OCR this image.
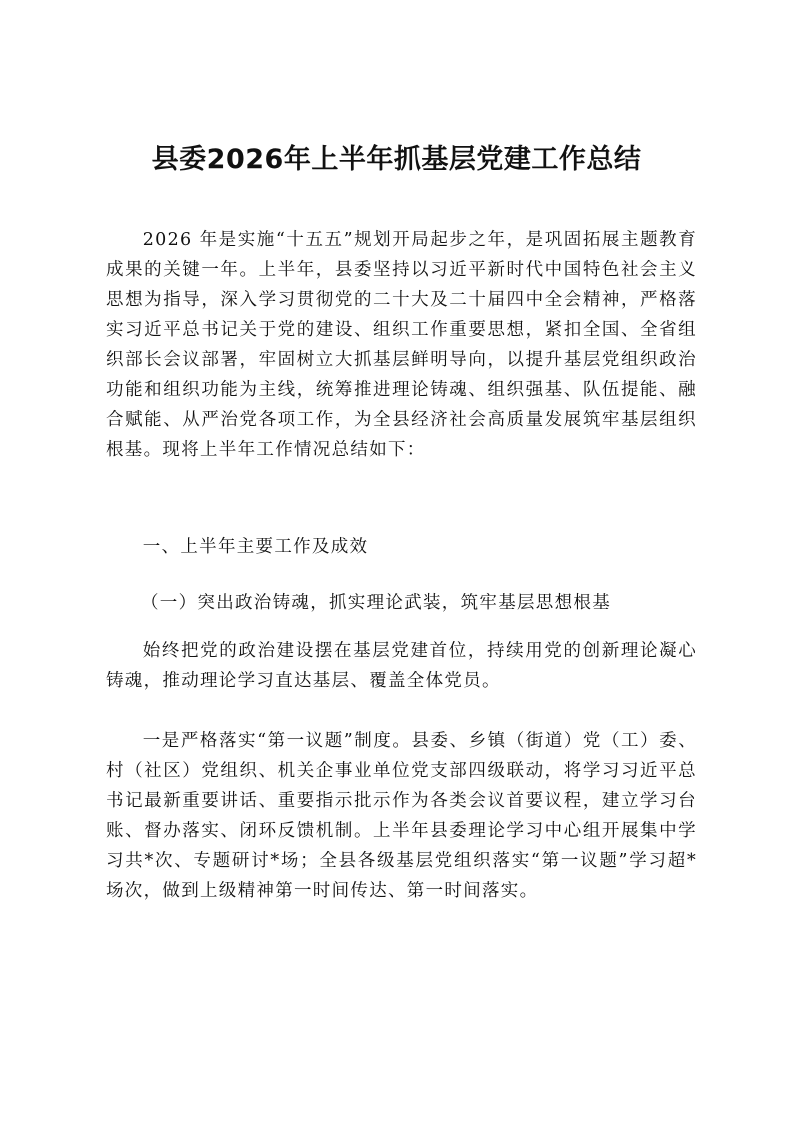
县委2026年上半年抓基层党建工作总结

2026 年是实施“十五五”规划开局起步之年，是巩固拓展主题教育成果的关键一年。上半年，县委坚持以习近平新时代中国特色社会主义思想为指导，深入学习贯彻党的二十大及二十届四中全会精神，严格落实习近平总书记关于党的建设、组织工作重要思想，紧扣全国、全省组织部长会议部署，牢固树立大抓基层鲜明导向，以提升基层党组织政治功能和组织功能为主线，统筹推进理论铸魂、组织强基、队伍提能、融合赋能、从严治党各项工作，为全县经济社会高质量发展筑牢基层组织根基。现将上半年工作情况总结如下：

一、上半年主要工作及成效

（一）突出政治铸魂，抓实理论武装，筑牢基层思想根基

始终把党的政治建设摆在基层党建首位，持续用党的创新理论凝心铸魂，推动理论学习直达基层、覆盖全体党员。

一是严格落实“第一议题”制度。县委、乡镇（街道）党（工）委、村（社区）党组织、机关企事业单位党支部四级联动，将学习习近平总书记最新重要讲话、重要指示批示作为各类会议首要议程，建立学习台账、督办落实、闭环反馈机制。上半年县委理论学习中心组开展集中学习共*次、专题研讨*场；全县各级基层党组织落实“第一议题”学习超*场次，做到上级精神第一时间传达、第一时间落实。
